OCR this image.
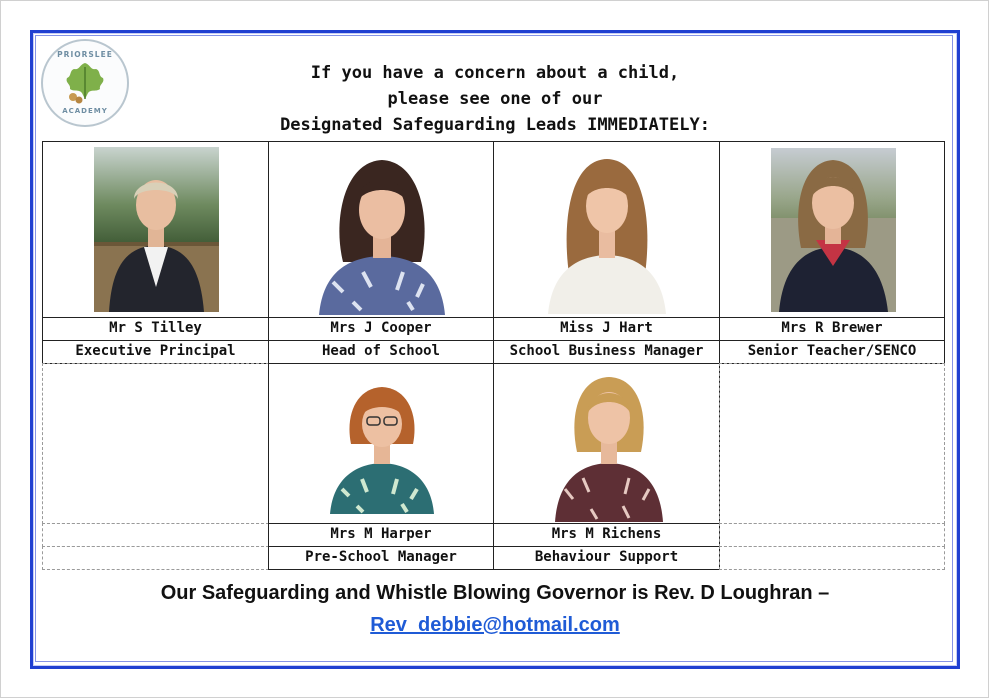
PRIORSLEE
ACADEMY
If you have a concern about a child,
please see one of our
Designated Safeguarding Leads IMMEDIATELY:
Mr S Tilley	Mrs J Cooper	Miss J Hart	Mrs R Brewer
Executive Principal	Head of School	School Business Manager	Senior Teacher/SENCO
Mrs M Harper	Mrs M Richens
Pre-School Manager	Behaviour Support
Our Safeguarding and Whistle Blowing Governor is Rev. D Loughran –
Rev_debbie@hotmail.com
